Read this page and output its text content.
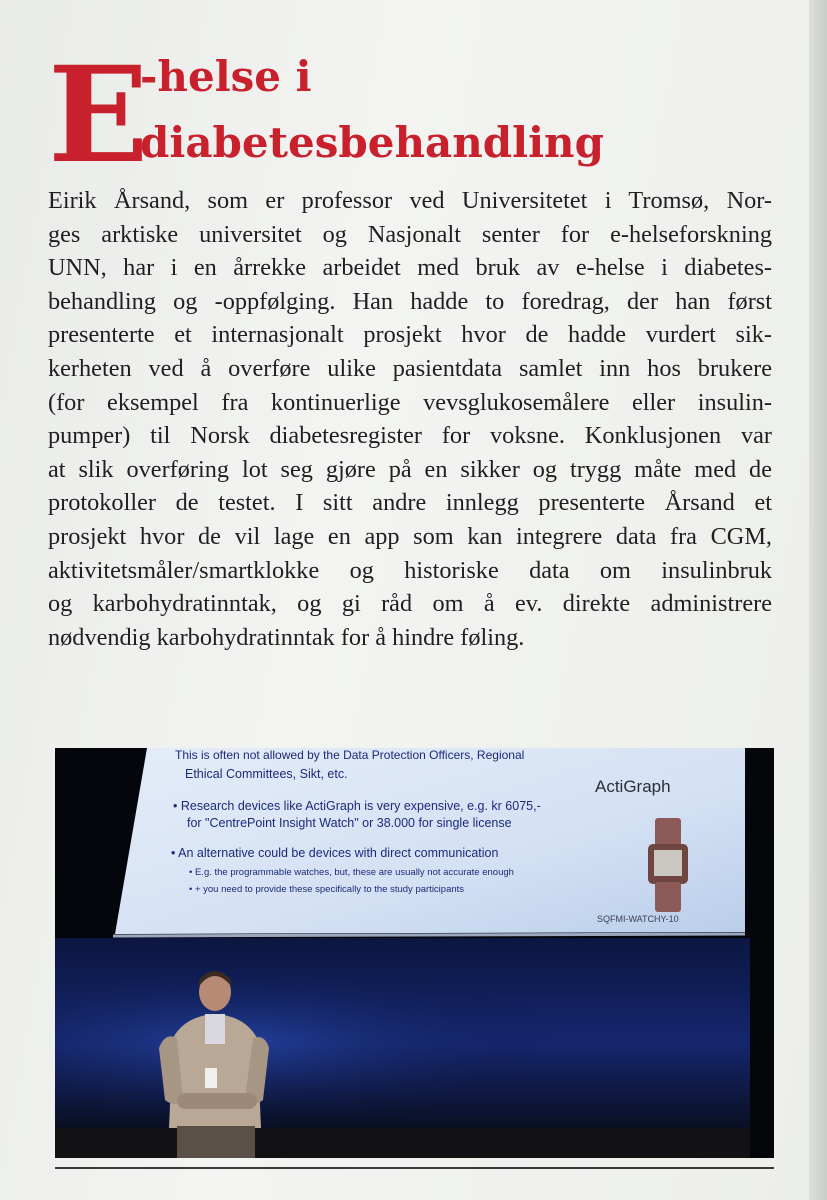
E
-helse i
diabetesbehandling
Eirik Årsand, som er professor ved Universitetet i Tromsø, Nor-
ges arktiske universitet og Nasjonalt senter for e-helseforskning
UNN, har i en årrekke arbeidet med bruk av e-helse i diabetes-
behandling og -oppfølging. Han hadde to foredrag, der han først
presenterte et internasjonalt prosjekt hvor de hadde vurdert sik-
kerheten ved å overføre ulike pasientdata samlet inn hos brukere
(for eksempel fra kontinuerlige vevsglukosemålere eller insulin-
pumper) til Norsk diabetesregister for voksne. Konklusjonen var
at slik overføring lot seg gjøre på en sikker og trygg måte med de
protokoller de testet. I sitt andre innlegg presenterte Årsand et
prosjekt hvor de vil lage en app som kan integrere data fra CGM,
aktivitetsmåler/smartklokke og historiske data om insulinbruk
og karbohydratinntak, og gi råd om å ev. direkte administrere
nødvendig karbohydratinntak for å hindre føling.
This is often not allowed by the Data Protection Officers, Regional
Ethical Committees, Sikt, etc.
ActiGraph
• Research devices like ActiGraph is very expensive, e.g. kr 6075,-
for "CentrePoint Insight Watch" or 38.000 for single license
• An alternative could be devices with direct communication
• E.g. the programmable watches, but, these are usually not accurate enough
• + you need to provide these specifically to the study participants
SQFMI-WATCHY-10
